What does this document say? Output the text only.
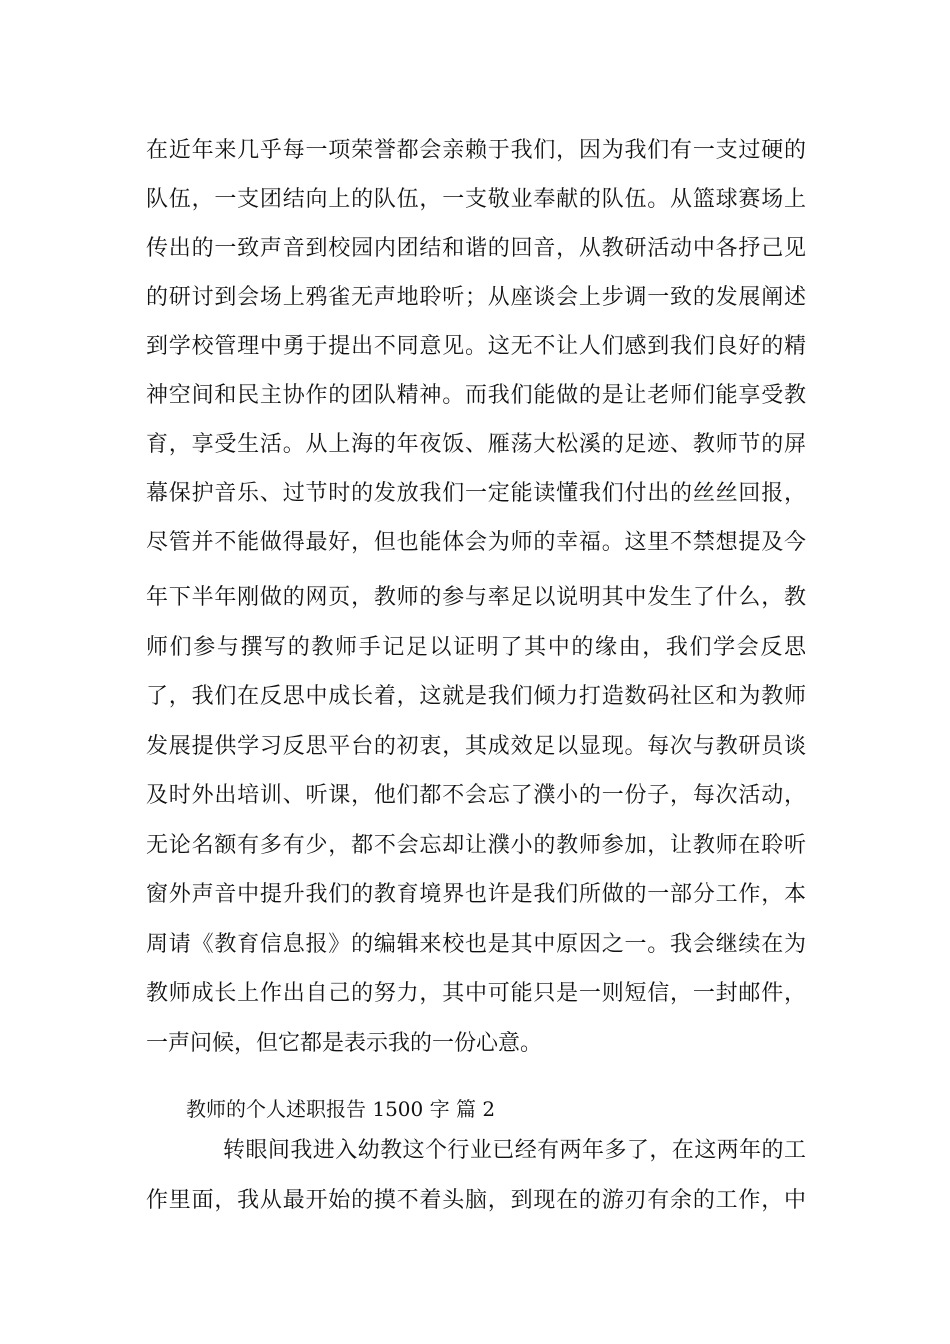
在近年来几乎每一项荣誉都会亲赖于我们，因为我们有一支过硬的
队伍，一支团结向上的队伍，一支敬业奉献的队伍。从篮球赛场上
传出的一致声音到校园内团结和谐的回音，从教研活动中各抒己见
的研讨到会场上鸦雀无声地聆听；从座谈会上步调一致的发展阐述
到学校管理中勇于提出不同意见。这无不让人们感到我们良好的精
神空间和民主协作的团队精神。而我们能做的是让老师们能享受教
育，享受生活。从上海的年夜饭、雁荡大松溪的足迹、教师节的屏
幕保护音乐、过节时的发放我们一定能读懂我们付出的丝丝回报，
尽管并不能做得最好，但也能体会为师的幸福。这里不禁想提及今
年下半年刚做的网页，教师的参与率足以说明其中发生了什么，教
师们参与撰写的教师手记足以证明了其中的缘由，我们学会反思
了，我们在反思中成长着，这就是我们倾力打造数码社区和为教师
发展提供学习反思平台的初衷，其成效足以显现。每次与教研员谈
及时外出培训、听课，他们都不会忘了濮小的一份子，每次活动，
无论名额有多有少，都不会忘却让濮小的教师参加，让教师在聆听
窗外声音中提升我们的教育境界也许是我们所做的一部分工作，本
周请《教育信息报》的编辑来校也是其中原因之一。我会继续在为
教师成长上作出自己的努力，其中可能只是一则短信，一封邮件，
一声问候，但它都是表示我的一份心意。
教师的个人述职报告 1500 字 篇 2
转眼间我进入幼教这个行业已经有两年多了，在这两年的工
作里面，我从最开始的摸不着头脑，到现在的游刃有余的工作，中
